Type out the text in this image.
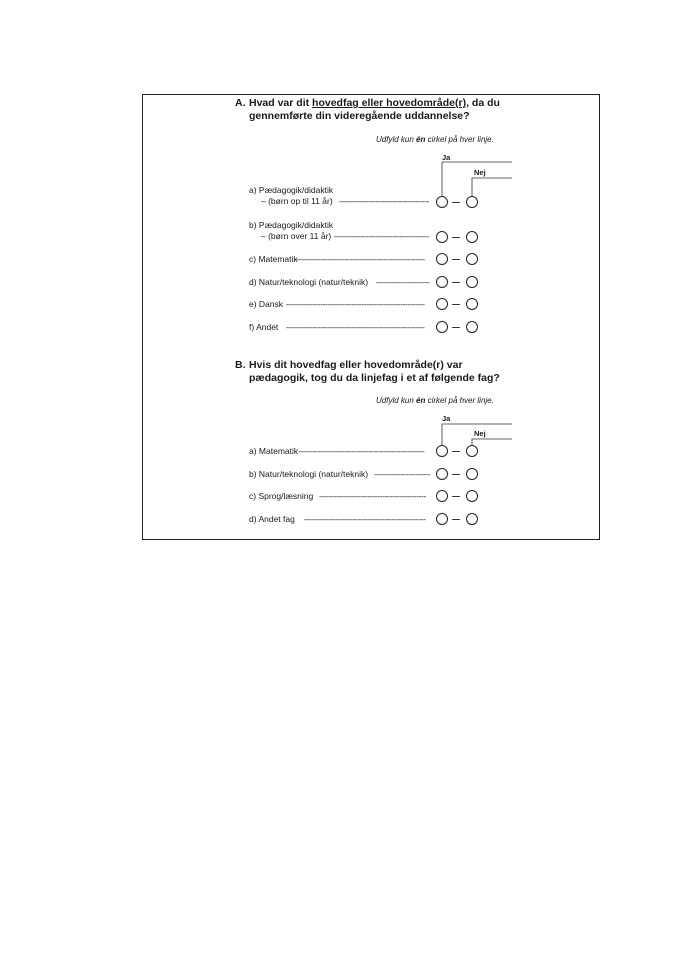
A. Hvad var dit hovedfag eller hovedområde(r), da du
gennemførte din videregående uddannelse?
Udfyld kun én cirkel på hver linje.
Ja
Nej
a) Pædagogik/didaktik
– (børn op til 11 år) -------------------------------------
b) Pædagogik/didaktik
– (børn over 11 år) ---------------------------------------
c) Matematik
-----------------------------------------------------
d) Natur/teknologi (natur/teknik) ----------------------
e) Dansk ---------------------------------------------------------
f) Andet ---------------------------------------------------------
B. Hvis dit hovedfag eller hovedområde(r) var
pædagogik, tog du da linjefag i et af følgende fag?
Udfyld kun én cirkel på hver linje.
Ja
Nej
a) Matematik ----------------------------------------------------
b) Natur/teknologi (natur/teknik) -----------------------
c) Sprog/læsning --------------------------------------------
d) Andet fag --------------------------------------------------
